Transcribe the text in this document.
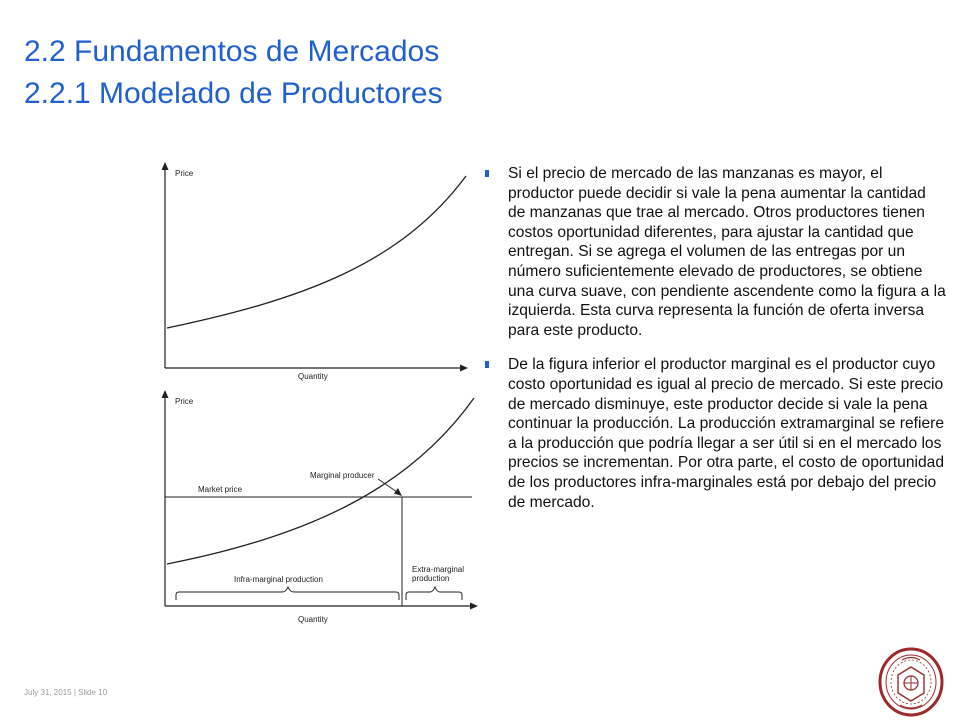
2.2 Fundamentos de Mercados
2.2.1 Modelado de Productores
Price
Quantity
Price
Quantity
Market price
Marginal producer
Infra-marginal production
Extra-marginal
production
Si el precio de mercado de las manzanas es mayor, el productor puede decidir si vale la pena aumentar la cantidad de manzanas que trae al mercado. Otros productores tienen costos oportunidad diferentes, para ajustar la cantidad que entregan. Si se agrega el volumen de las entregas por un número suficientemente elevado de productores, se obtiene una curva suave, con pendiente ascendente como la figura a la izquierda. Esta curva representa la función de oferta inversa para este producto.
De la figura inferior el productor marginal es el productor cuyo costo oportunidad es igual al precio de mercado. Si este precio de mercado disminuye, este productor decide si vale la pena continuar la producción. La producción extramarginal se refiere a la producción que podría llegar a ser útil si en el mercado los precios se incrementan. Por otra parte, el costo de oportunidad de los productores infra-marginales está por debajo del precio de mercado.
July 31, 2015 | Slide 10
